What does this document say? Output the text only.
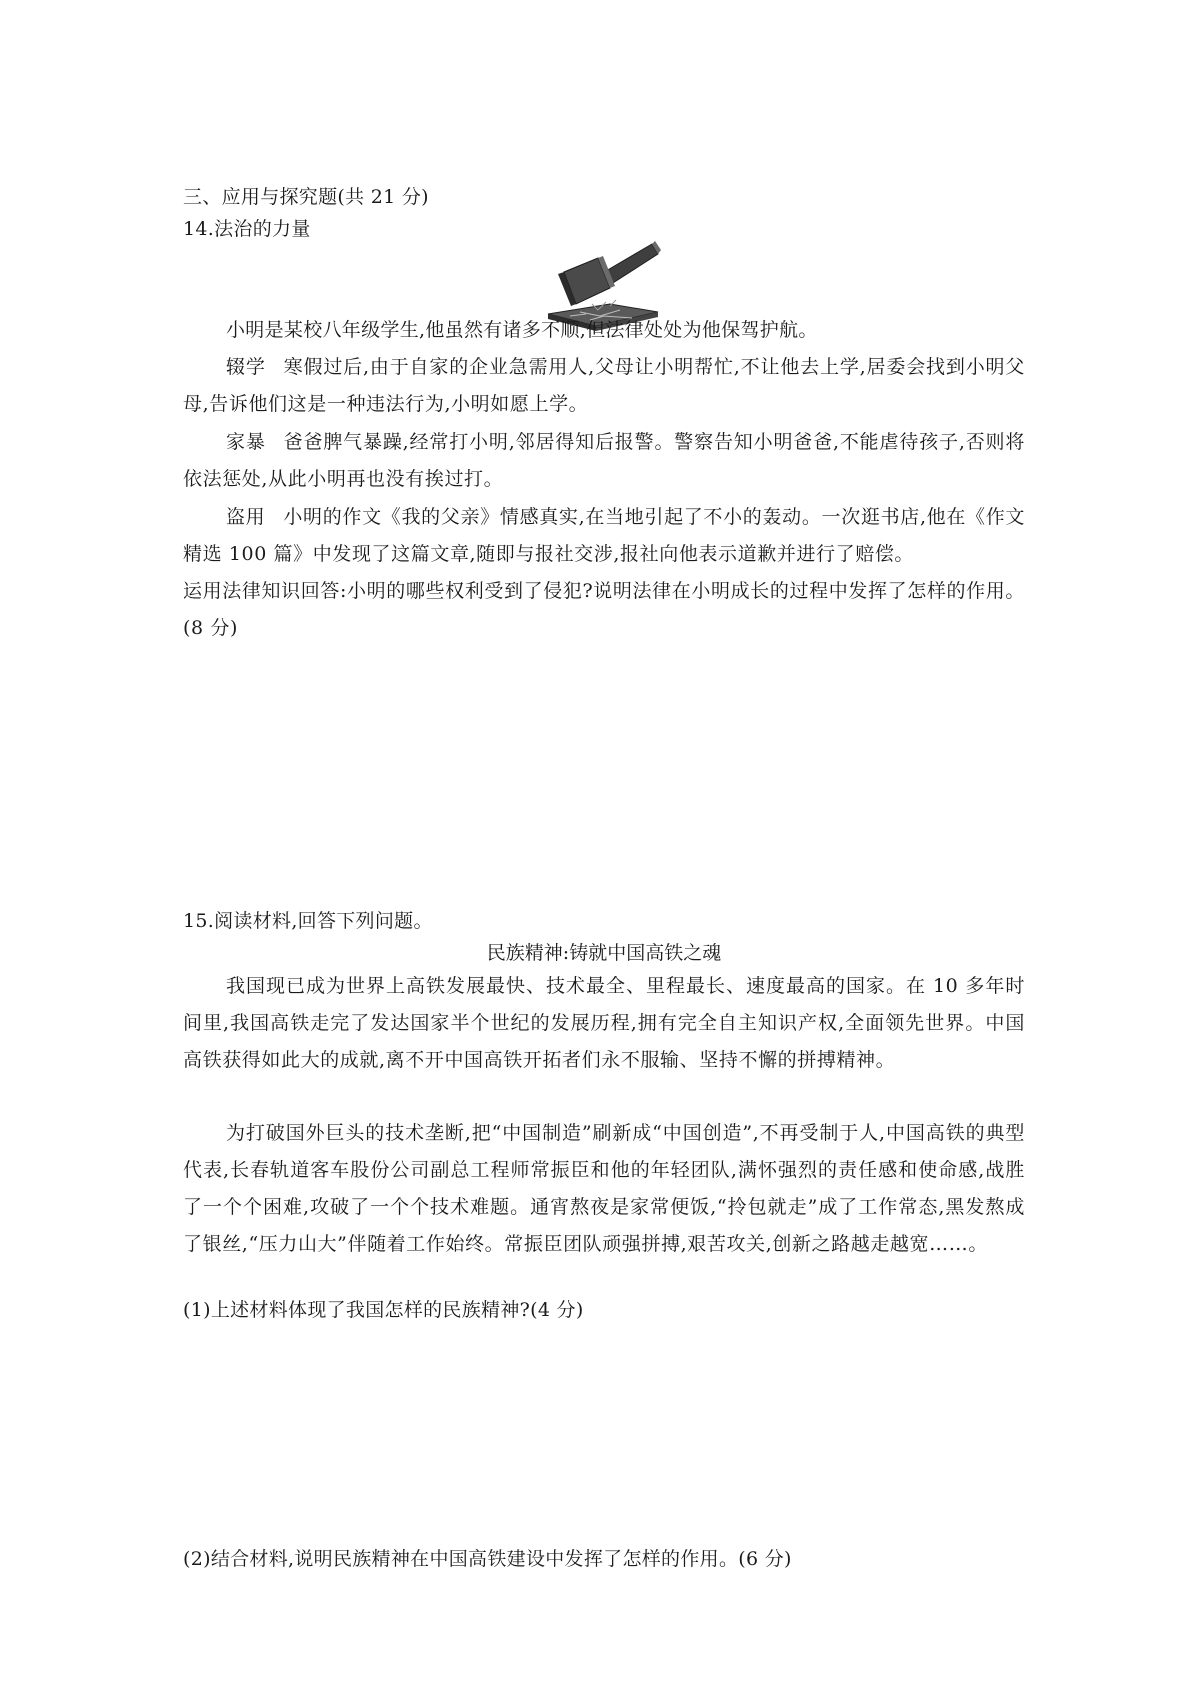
三、应用与探究题(共 21 分)
14.法治的力量
小明是某校八年级学生,他虽然有诸多不顺,但法律处处为他保驾护航。

辍学 寒假过后,由于自家的企业急需用人,父母让小明帮忙,不让他去上学,居委会找到小明父母,告诉他们这是一种违法行为,小明如愿上学。

家暴 爸爸脾气暴躁,经常打小明,邻居得知后报警。警察告知小明爸爸,不能虐待孩子,否则将依法惩处,从此小明再也没有挨过打。

盗用 小明的作文《我的父亲》情感真实,在当地引起了不小的轰动。一次逛书店,他在《作文精选 100 篇》中发现了这篇文章,随即与报社交涉,报社向他表示道歉并进行了赔偿。

运用法律知识回答:小明的哪些权利受到了侵犯?说明法律在小明成长的过程中发挥了怎样的作用。(8 分)

15.阅读材料,回答下列问题。
民族精神:铸就中国高铁之魂

我国现已成为世界上高铁发展最快、技术最全、里程最长、速度最高的国家。在 10 多年时间里,我国高铁走完了发达国家半个世纪的发展历程,拥有完全自主知识产权,全面领先世界。中国高铁获得如此大的成就,离不开中国高铁开拓者们永不服输、坚持不懈的拼搏精神。

为打破国外巨头的技术垄断,把“中国制造”刷新成“中国创造”,不再受制于人,中国高铁的典型代表,长春轨道客车股份公司副总工程师常振臣和他的年轻团队,满怀强烈的责任感和使命感,战胜了一个个困难,攻破了一个个技术难题。通宵熬夜是家常便饭,“拎包就走”成了工作常态,黑发熬成了银丝,“压力山大”伴随着工作始终。常振臣团队顽强拼搏,艰苦攻关,创新之路越走越宽……。

(1)上述材料体现了我国怎样的民族精神?(4 分)
(2)结合材料,说明民族精神在中国高铁建设中发挥了怎样的作用。(6 分)
